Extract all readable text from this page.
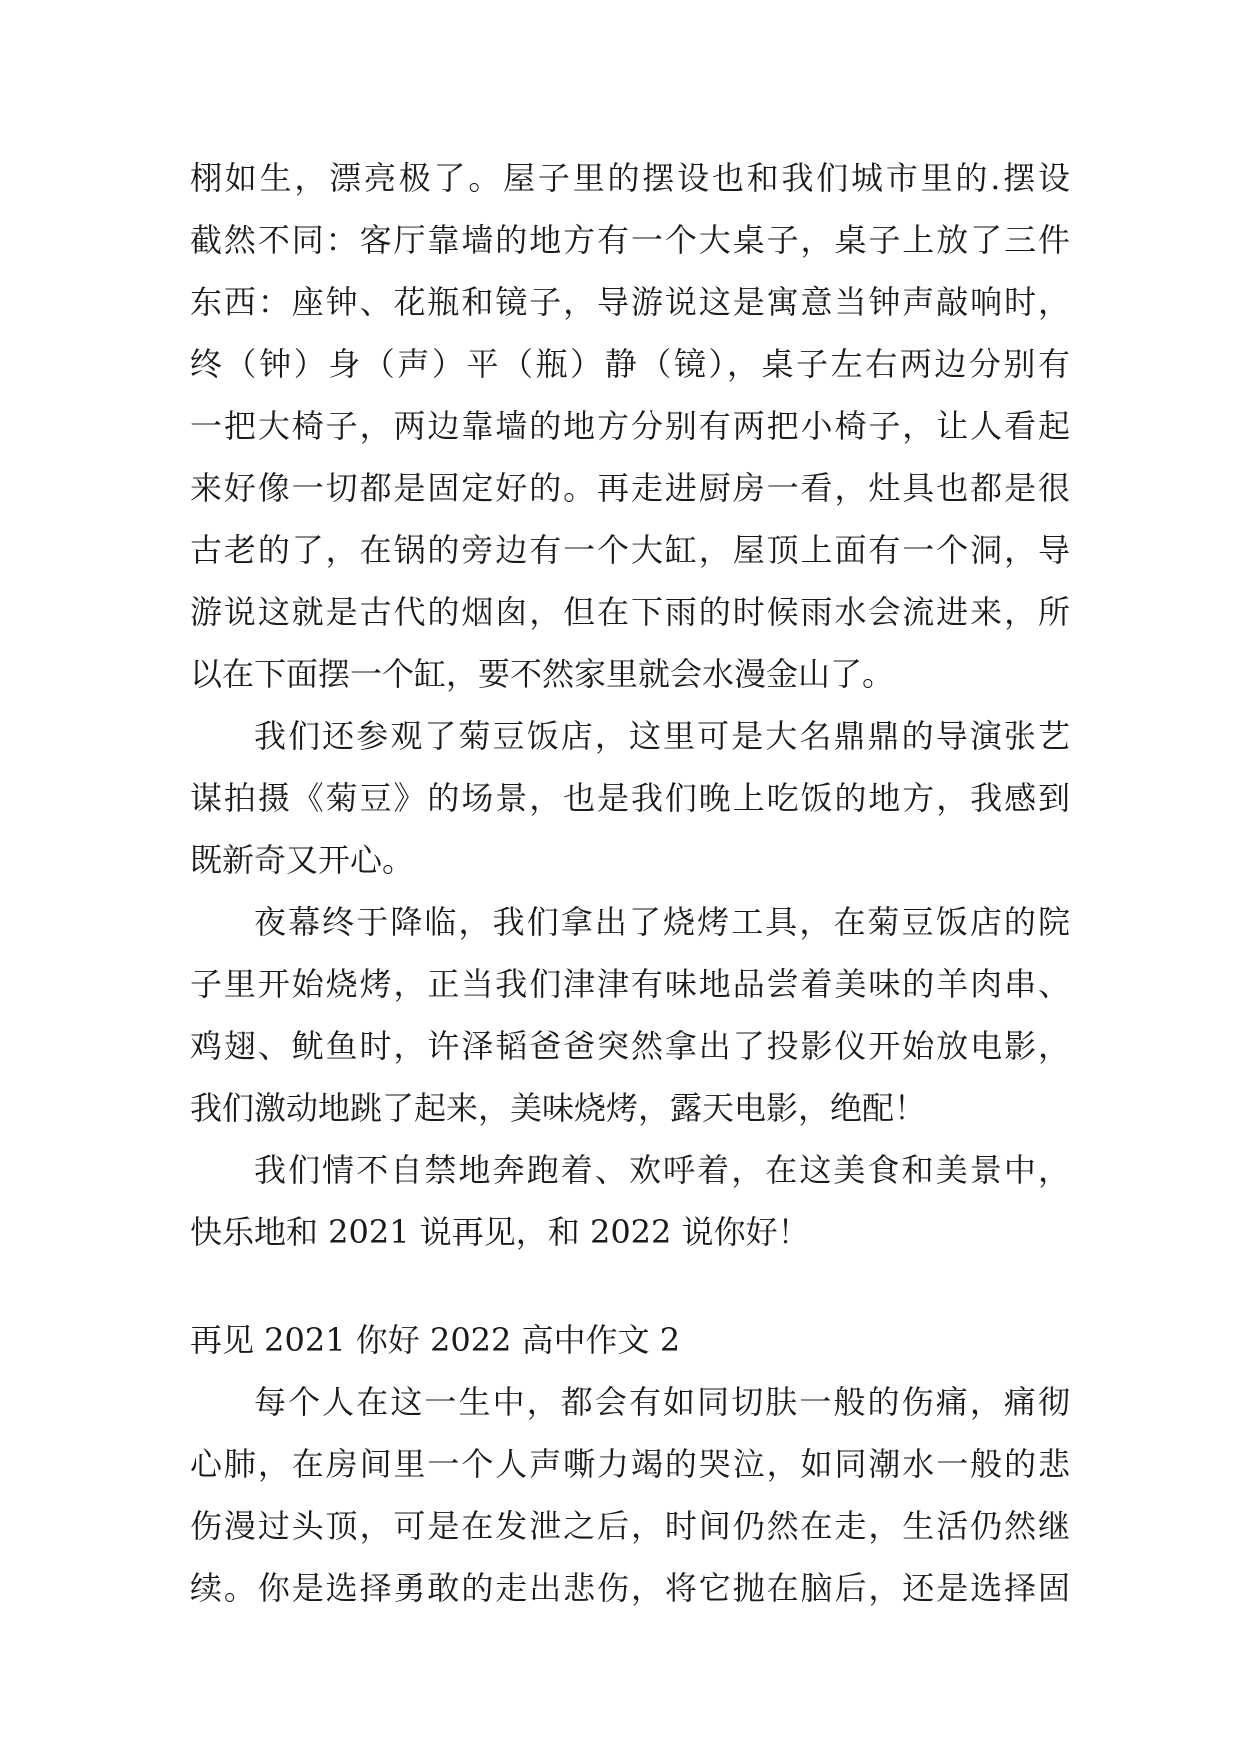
栩如生，漂亮极了。屋子里的摆设也和我们城市里的.摆设
截然不同：客厅靠墙的地方有一个大桌子，桌子上放了三件
东西：座钟、花瓶和镜子，导游说这是寓意当钟声敲响时，
终（钟）身（声）平（瓶）静（镜），桌子左右两边分别有
一把大椅子，两边靠墙的地方分别有两把小椅子，让人看起
来好像一切都是固定好的。再走进厨房一看，灶具也都是很
古老的了，在锅的旁边有一个大缸，屋顶上面有一个洞，导
游说这就是古代的烟囱，但在下雨的时候雨水会流进来，所
以在下面摆一个缸，要不然家里就会水漫金山了。
我们还参观了菊豆饭店，这里可是大名鼎鼎的导演张艺
谋拍摄《菊豆》的场景，也是我们晚上吃饭的地方，我感到
既新奇又开心。
夜幕终于降临，我们拿出了烧烤工具，在菊豆饭店的院
子里开始烧烤，正当我们津津有味地品尝着美味的羊肉串、
鸡翅、鱿鱼时，许泽韬爸爸突然拿出了投影仪开始放电影，
我们激动地跳了起来，美味烧烤，露天电影，绝配！
我们情不自禁地奔跑着、欢呼着，在这美食和美景中，
快乐地和 2021 说再见，和 2022 说你好！
再见 2021 你好 2022 高中作文 2
每个人在这一生中，都会有如同切肤一般的伤痛，痛彻
心肺，在房间里一个人声嘶力竭的哭泣，如同潮水一般的悲
伤漫过头顶，可是在发泄之后，时间仍然在走，生活仍然继
续。你是选择勇敢的走出悲伤，将它抛在脑后，还是选择固
